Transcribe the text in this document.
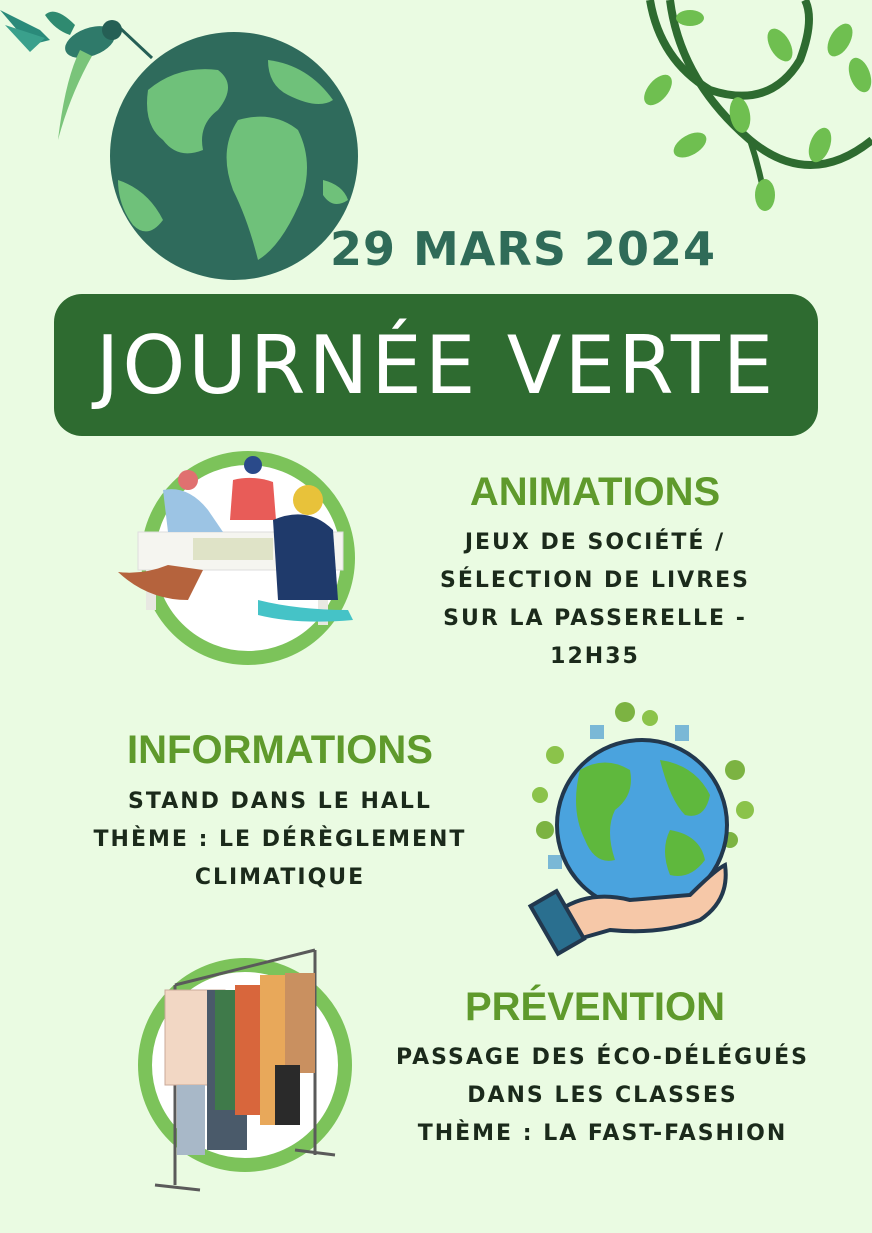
29 MARS 2024
JOURNÉE VERTE
ANIMATIONS
JEUX DE SOCIÉTÉ /
SÉLECTION DE LIVRES
SUR LA PASSERELLE -
12H35
INFORMATIONS
STAND DANS LE HALL
THÈME : LE DÉRÈGLEMENT
CLIMATIQUE
PRÉVENTION
PASSAGE DES ÉCO-DÉLÉGUÉS
DANS LES CLASSES
THÈME : LA FAST-FASHION
